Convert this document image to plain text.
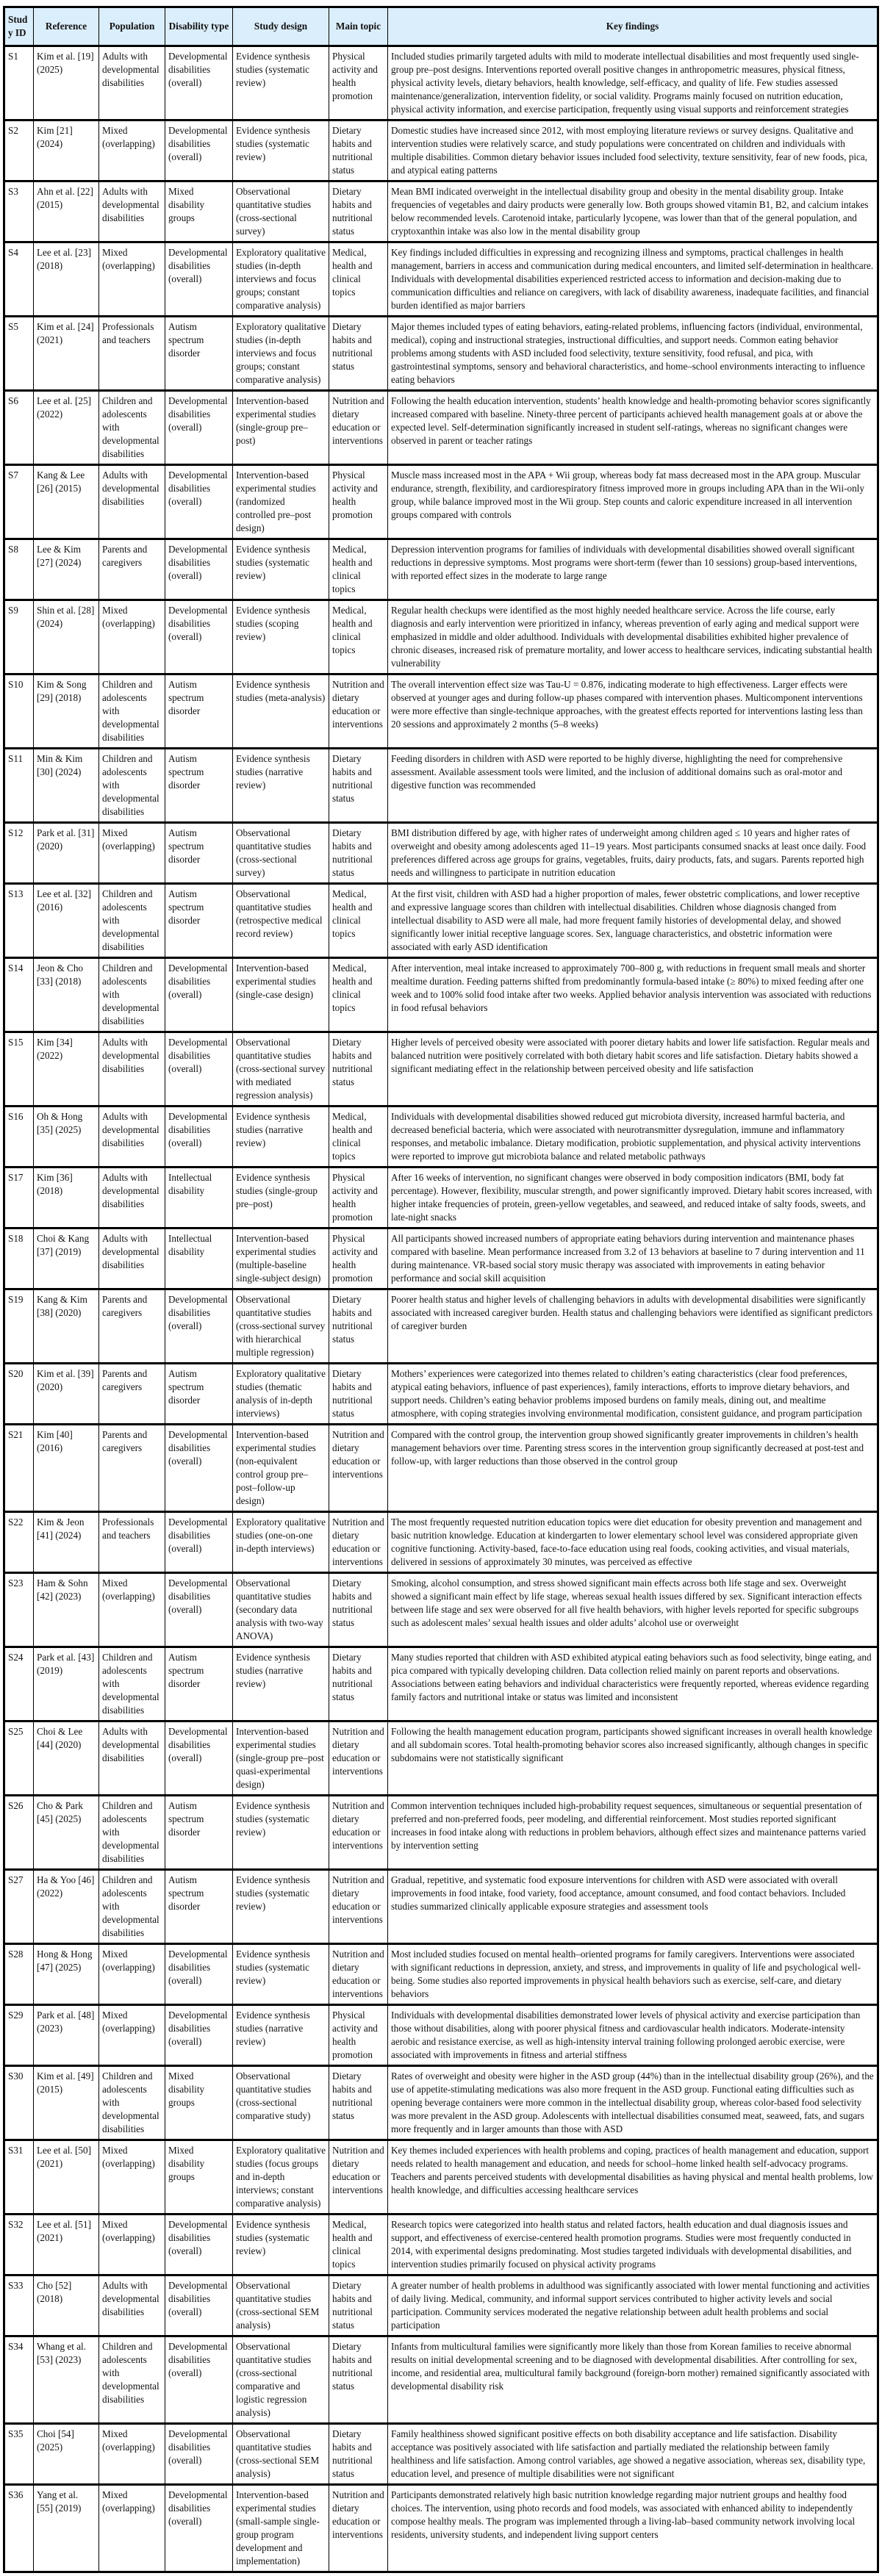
Study ID	Reference	Population	Disability type	Study design	Main topic	Key findings
S1	Kim et al. [19] (2025)	Adults with developmental disabilities	Developmental disabilities (overall)	Evidence synthesis studies (systematic review)	Physical activity and health promotion	Included studies primarily targeted adults with mild to moderate intellectual disabilities and most frequently used single-group pre–post designs. Interventions reported overall positive changes in anthropometric measures, physical fitness, physical activity levels, dietary behaviors, health knowledge, self-efficacy, and quality of life. Few studies assessed maintenance/generalization, intervention fidelity, or social validity. Programs mainly focused on nutrition education, physical activity information, and exercise participation, frequently using visual supports and reinforcement strategies
S2	Kim [21] (2024)	Mixed (overlapping)	Developmental disabilities (overall)	Evidence synthesis studies (systematic review)	Dietary habits and nutritional status	Domestic studies have increased since 2012, with most employing literature reviews or survey designs. Qualitative and intervention studies were relatively scarce, and study populations were concentrated on children and individuals with multiple disabilities. Common dietary behavior issues included food selectivity, texture sensitivity, fear of new foods, pica, and atypical eating patterns
S3	Ahn et al. [22] (2015)	Adults with developmental disabilities	Mixed disability groups	Observational quantitative studies (cross-sectional survey)	Dietary habits and nutritional status	Mean BMI indicated overweight in the intellectual disability group and obesity in the mental disability group. Intake frequencies of vegetables and dairy products were generally low. Both groups showed vitamin B1, B2, and calcium intakes below recommended levels. Carotenoid intake, particularly lycopene, was lower than that of the general population, and cryptoxanthin intake was also low in the mental disability group
S4	Lee et al. [23] (2018)	Mixed (overlapping)	Developmental disabilities (overall)	Exploratory qualitative studies (in-depth interviews and focus groups; constant comparative analysis)	Medical, health and clinical topics	Key findings included difficulties in expressing and recognizing illness and symptoms, practical challenges in health management, barriers in access and communication during medical encounters, and limited self-determination in healthcare. Individuals with developmental disabilities experienced restricted access to information and decision-making due to communication difficulties and reliance on caregivers, with lack of disability awareness, inadequate facilities, and financial burden identified as major barriers
S5	Kim et al. [24] (2021)	Professionals and teachers	Autism spectrum disorder	Exploratory qualitative studies (in-depth interviews and focus groups; constant comparative analysis)	Dietary habits and nutritional status	Major themes included types of eating behaviors, eating-related problems, influencing factors (individual, environmental, medical), coping and instructional strategies, instructional difficulties, and support needs. Common eating behavior problems among students with ASD included food selectivity, texture sensitivity, food refusal, and pica, with gastrointestinal symptoms, sensory and behavioral characteristics, and home–school environments interacting to influence eating behaviors
S6	Lee et al. [25] (2022)	Children and adolescents with developmental disabilities	Developmental disabilities (overall)	Intervention-based experimental studies (single-group pre–post)	Nutrition and dietary education or interventions	Following the health education intervention, students’ health knowledge and health-promoting behavior scores significantly increased compared with baseline. Ninety-three percent of participants achieved health management goals at or above the expected level. Self-determination significantly increased in student self-ratings, whereas no significant changes were observed in parent or teacher ratings
S7	Kang & Lee [26] (2015)	Adults with developmental disabilities	Developmental disabilities (overall)	Intervention-based experimental studies (randomized controlled pre–post design)	Physical activity and health promotion	Muscle mass increased most in the APA + Wii group, whereas body fat mass decreased most in the APA group. Muscular endurance, strength, flexibility, and cardiorespiratory fitness improved more in groups including APA than in the Wii-only group, while balance improved most in the Wii group. Step counts and caloric expenditure increased in all intervention groups compared with controls
S8	Lee & Kim [27] (2024)	Parents and caregivers	Developmental disabilities (overall)	Evidence synthesis studies (systematic review)	Medical, health and clinical topics	Depression intervention programs for families of individuals with developmental disabilities showed overall significant reductions in depressive symptoms. Most programs were short-term (fewer than 10 sessions) group-based interventions, with reported effect sizes in the moderate to large range
S9	Shin et al. [28] (2024)	Mixed (overlapping)	Developmental disabilities (overall)	Evidence synthesis studies (scoping review)	Medical, health and clinical topics	Regular health checkups were identified as the most highly needed healthcare service. Across the life course, early diagnosis and early intervention were prioritized in infancy, whereas prevention of early aging and medical support were emphasized in middle and older adulthood. Individuals with developmental disabilities exhibited higher prevalence of chronic diseases, increased risk of premature mortality, and lower access to healthcare services, indicating substantial health vulnerability
S10	Kim & Song [29] (2018)	Children and adolescents with developmental disabilities	Autism spectrum disorder	Evidence synthesis studies (meta-analysis)	Nutrition and dietary education or interventions	The overall intervention effect size was Tau-U = 0.876, indicating moderate to high effectiveness. Larger effects were observed at younger ages and during follow-up phases compared with intervention phases. Multicomponent interventions were more effective than single-technique approaches, with the greatest effects reported for interventions lasting less than 20 sessions and approximately 2 months (5–8 weeks)
S11	Min & Kim [30] (2024)	Children and adolescents with developmental disabilities	Autism spectrum disorder	Evidence synthesis studies (narrative review)	Dietary habits and nutritional status	Feeding disorders in children with ASD were reported to be highly diverse, highlighting the need for comprehensive assessment. Available assessment tools were limited, and the inclusion of additional domains such as oral-motor and digestive function was recommended
S12	Park et al. [31] (2020)	Mixed (overlapping)	Autism spectrum disorder	Observational quantitative studies (cross-sectional survey)	Dietary habits and nutritional status	BMI distribution differed by age, with higher rates of underweight among children aged ≤ 10 years and higher rates of overweight and obesity among adolescents aged 11–19 years. Most participants consumed snacks at least once daily. Food preferences differed across age groups for grains, vegetables, fruits, dairy products, fats, and sugars. Parents reported high needs and willingness to participate in nutrition education
S13	Lee et al. [32] (2016)	Children and adolescents with developmental disabilities	Autism spectrum disorder	Observational quantitative studies (retrospective medical record review)	Medical, health and clinical topics	At the first visit, children with ASD had a higher proportion of males, fewer obstetric complications, and lower receptive and expressive language scores than children with intellectual disabilities. Children whose diagnosis changed from intellectual disability to ASD were all male, had more frequent family histories of developmental delay, and showed significantly lower initial receptive language scores. Sex, language characteristics, and obstetric information were associated with early ASD identification
S14	Jeon & Cho [33] (2018)	Children and adolescents with developmental disabilities	Developmental disabilities (overall)	Intervention-based experimental studies (single-case design)	Medical, health and clinical topics	After intervention, meal intake increased to approximately 700–800 g, with reductions in frequent small meals and shorter mealtime duration. Feeding patterns shifted from predominantly formula-based intake (≥ 80%) to mixed feeding after one week and to 100% solid food intake after two weeks. Applied behavior analysis intervention was associated with reductions in food refusal behaviors
S15	Kim [34] (2022)	Adults with developmental disabilities	Developmental disabilities (overall)	Observational quantitative studies (cross-sectional survey with mediated regression analysis)	Dietary habits and nutritional status	Higher levels of perceived obesity were associated with poorer dietary habits and lower life satisfaction. Regular meals and balanced nutrition were positively correlated with both dietary habit scores and life satisfaction. Dietary habits showed a significant mediating effect in the relationship between perceived obesity and life satisfaction
S16	Oh & Hong [35] (2025)	Adults with developmental disabilities	Developmental disabilities (overall)	Evidence synthesis studies (narrative review)	Medical, health and clinical topics	Individuals with developmental disabilities showed reduced gut microbiota diversity, increased harmful bacteria, and decreased beneficial bacteria, which were associated with neurotransmitter dysregulation, immune and inflammatory responses, and metabolic imbalance. Dietary modification, probiotic supplementation, and physical activity interventions were reported to improve gut microbiota balance and related metabolic pathways
S17	Kim [36] (2018)	Adults with developmental disabilities	Intellectual disability	Evidence synthesis studies (single-group pre–post)	Physical activity and health promotion	After 16 weeks of intervention, no significant changes were observed in body composition indicators (BMI, body fat percentage). However, flexibility, muscular strength, and power significantly improved. Dietary habit scores increased, with higher intake frequencies of protein, green-yellow vegetables, and seaweed, and reduced intake of salty foods, sweets, and late-night snacks
S18	Choi & Kang [37] (2019)	Adults with developmental disabilities	Intellectual disability	Intervention-based experimental studies (multiple-baseline single-subject design)	Physical activity and health promotion	All participants showed increased numbers of appropriate eating behaviors during intervention and maintenance phases compared with baseline. Mean performance increased from 3.2 of 13 behaviors at baseline to 7 during intervention and 11 during maintenance. VR-based social story music therapy was associated with improvements in eating behavior performance and social skill acquisition
S19	Kang & Kim [38] (2020)	Parents and caregivers	Developmental disabilities (overall)	Observational quantitative studies (cross-sectional survey with hierarchical multiple regression)	Dietary habits and nutritional status	Poorer health status and higher levels of challenging behaviors in adults with developmental disabilities were significantly associated with increased caregiver burden. Health status and challenging behaviors were identified as significant predictors of caregiver burden
S20	Kim et al. [39] (2020)	Parents and caregivers	Autism spectrum disorder	Exploratory qualitative studies (thematic analysis of in-depth interviews)	Dietary habits and nutritional status	Mothers’ experiences were categorized into themes related to children’s eating characteristics (clear food preferences, atypical eating behaviors, influence of past experiences), family interactions, efforts to improve dietary behaviors, and support needs. Children’s eating behavior problems imposed burdens on family meals, dining out, and mealtime atmosphere, with coping strategies involving environmental modification, consistent guidance, and program participation
S21	Kim [40] (2016)	Parents and caregivers	Developmental disabilities (overall)	Intervention-based experimental studies (non-equivalent control group pre–post–follow-up design)	Nutrition and dietary education or interventions	Compared with the control group, the intervention group showed significantly greater improvements in children’s health management behaviors over time. Parenting stress scores in the intervention group significantly decreased at post-test and follow-up, with larger reductions than those observed in the control group
S22	Kim & Jeon [41] (2024)	Professionals and teachers	Developmental disabilities (overall)	Exploratory qualitative studies (one-on-one in-depth interviews)	Nutrition and dietary education or interventions	The most frequently requested nutrition education topics were diet education for obesity prevention and management and basic nutrition knowledge. Education at kindergarten to lower elementary school level was considered appropriate given cognitive functioning. Activity-based, face-to-face education using real foods, cooking activities, and visual materials, delivered in sessions of approximately 30 minutes, was perceived as effective
S23	Ham & Sohn [42] (2023)	Mixed (overlapping)	Developmental disabilities (overall)	Observational quantitative studies (secondary data analysis with two-way ANOVA)	Dietary habits and nutritional status	Smoking, alcohol consumption, and stress showed significant main effects across both life stage and sex. Overweight showed a significant main effect by life stage, whereas sexual health issues differed by sex. Significant interaction effects between life stage and sex were observed for all five health behaviors, with higher levels reported for specific subgroups such as adolescent males’ sexual health issues and older adults’ alcohol use or overweight
S24	Park et al. [43] (2019)	Children and adolescents with developmental disabilities	Autism spectrum disorder	Evidence synthesis studies (narrative review)	Dietary habits and nutritional status	Many studies reported that children with ASD exhibited atypical eating behaviors such as food selectivity, binge eating, and pica compared with typically developing children. Data collection relied mainly on parent reports and observations. Associations between eating behaviors and individual characteristics were frequently reported, whereas evidence regarding family factors and nutritional intake or status was limited and inconsistent
S25	Choi & Lee [44] (2020)	Adults with developmental disabilities	Developmental disabilities (overall)	Intervention-based experimental studies (single-group pre–post quasi-experimental design)	Nutrition and dietary education or interventions	Following the health management education program, participants showed significant increases in overall health knowledge and all subdomain scores. Total health-promoting behavior scores also increased significantly, although changes in specific subdomains were not statistically significant
S26	Cho & Park [45] (2025)	Children and adolescents with developmental disabilities	Autism spectrum disorder	Evidence synthesis studies (systematic review)	Nutrition and dietary education or interventions	Common intervention techniques included high-probability request sequences, simultaneous or sequential presentation of preferred and non-preferred foods, peer modeling, and differential reinforcement. Most studies reported significant increases in food intake along with reductions in problem behaviors, although effect sizes and maintenance patterns varied by intervention setting
S27	Ha & Yoo [46] (2022)	Children and adolescents with developmental disabilities	Autism spectrum disorder	Evidence synthesis studies (systematic review)	Nutrition and dietary education or interventions	Gradual, repetitive, and systematic food exposure interventions for children with ASD were associated with overall improvements in food intake, food variety, food acceptance, amount consumed, and food contact behaviors. Included studies summarized clinically applicable exposure strategies and assessment tools
S28	Hong & Hong [47] (2025)	Mixed (overlapping)	Developmental disabilities (overall)	Evidence synthesis studies (systematic review)	Nutrition and dietary education or interventions	Most included studies focused on mental health–oriented programs for family caregivers. Interventions were associated with significant reductions in depression, anxiety, and stress, and improvements in quality of life and psychological well-being. Some studies also reported improvements in physical health behaviors such as exercise, self-care, and dietary behaviors
S29	Park et al. [48] (2023)	Mixed (overlapping)	Developmental disabilities (overall)	Evidence synthesis studies (narrative review)	Physical activity and health promotion	Individuals with developmental disabilities demonstrated lower levels of physical activity and exercise participation than those without disabilities, along with poorer physical fitness and cardiovascular health indicators. Moderate-intensity aerobic and resistance exercise, as well as high-intensity interval training following prolonged aerobic exercise, were associated with improvements in fitness and arterial stiffness
S30	Kim et al. [49] (2015)	Children and adolescents with developmental disabilities	Mixed disability groups	Observational quantitative studies (cross-sectional comparative study)	Dietary habits and nutritional status	Rates of overweight and obesity were higher in the ASD group (44%) than in the intellectual disability group (26%), and the use of appetite-stimulating medications was also more frequent in the ASD group. Functional eating difficulties such as opening beverage containers were more common in the intellectual disability group, whereas color-based food selectivity was more prevalent in the ASD group. Adolescents with intellectual disabilities consumed meat, seaweed, fats, and sugars more frequently and in larger amounts than those with ASD
S31	Lee et al. [50] (2021)	Mixed (overlapping)	Mixed disability groups	Exploratory qualitative studies (focus groups and in-depth interviews; constant comparative analysis)	Nutrition and dietary education or interventions	Key themes included experiences with health problems and coping, practices of health management and education, support needs related to health management and education, and needs for school–home linked health self-advocacy programs. Teachers and parents perceived students with developmental disabilities as having physical and mental health problems, low health knowledge, and difficulties accessing healthcare services
S32	Lee et al. [51] (2021)	Mixed (overlapping)	Developmental disabilities (overall)	Evidence synthesis studies (systematic review)	Medical, health and clinical topics	Research topics were categorized into health status and related factors, health education and dual diagnosis issues and support, and effectiveness of exercise-centered health promotion programs. Studies were most frequently conducted in 2014, with experimental designs predominating. Most studies targeted individuals with developmental disabilities, and intervention studies primarily focused on physical activity programs
S33	Cho [52] (2018)	Adults with developmental disabilities	Developmental disabilities (overall)	Observational quantitative studies (cross-sectional SEM analysis)	Dietary habits and nutritional status	A greater number of health problems in adulthood was significantly associated with lower mental functioning and activities of daily living. Medical, community, and informal support services contributed to higher activity levels and social participation. Community services moderated the negative relationship between adult health problems and social participation
S34	Whang et al. [53] (2023)	Children and adolescents with developmental disabilities	Developmental disabilities (overall)	Observational quantitative studies (cross-sectional comparative and logistic regression analysis)	Dietary habits and nutritional status	Infants from multicultural families were significantly more likely than those from Korean families to receive abnormal results on initial developmental screening and to be diagnosed with developmental disabilities. After controlling for sex, income, and residential area, multicultural family background (foreign-born mother) remained significantly associated with developmental disability risk
S35	Choi [54] (2025)	Mixed (overlapping)	Developmental disabilities (overall)	Observational quantitative studies (cross-sectional SEM analysis)	Dietary habits and nutritional status	Family healthiness showed significant positive effects on both disability acceptance and life satisfaction. Disability acceptance was positively associated with life satisfaction and partially mediated the relationship between family healthiness and life satisfaction. Among control variables, age showed a negative association, whereas sex, disability type, education level, and presence of multiple disabilities were not significant
S36	Yang et al. [55] (2019)	Mixed (overlapping)	Developmental disabilities (overall)	Intervention-based experimental studies (small-sample single-group program development and implementation)	Nutrition and dietary education or interventions	Participants demonstrated relatively high basic nutrition knowledge regarding major nutrient groups and healthy food choices. The intervention, using photo records and food models, was associated with enhanced ability to independently compose healthy meals. The program was implemented through a living-lab–based community network involving local residents, university students, and independent living support centers
